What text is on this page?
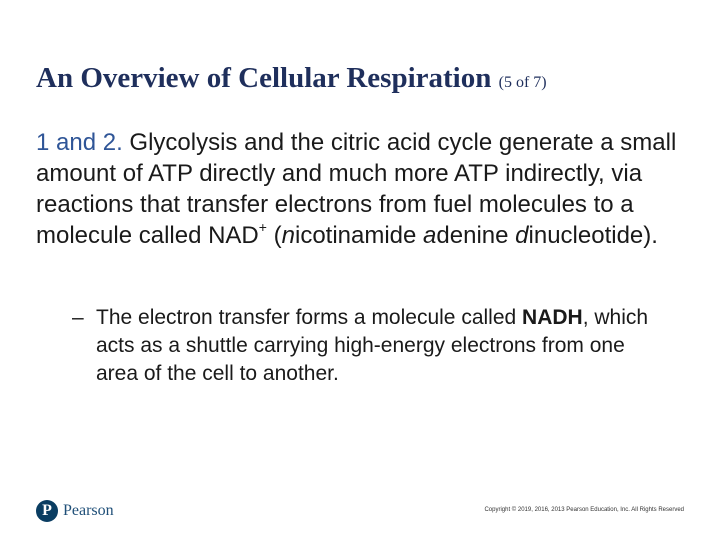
An Overview of Cellular Respiration (5 of 7)
1 and 2. Glycolysis and the citric acid cycle generate a small amount of ATP directly and much more ATP indirectly, via reactions that transfer electrons from fuel molecules to a molecule called NAD+ (nicotinamide adenine dinucleotide).
– The electron transfer forms a molecule called NADH, which acts as a shuttle carrying high-energy electrons from one area of the cell to another.
P Pearson	Copyright © 2019, 2016, 2013 Pearson Education, Inc. All Rights Reserved
